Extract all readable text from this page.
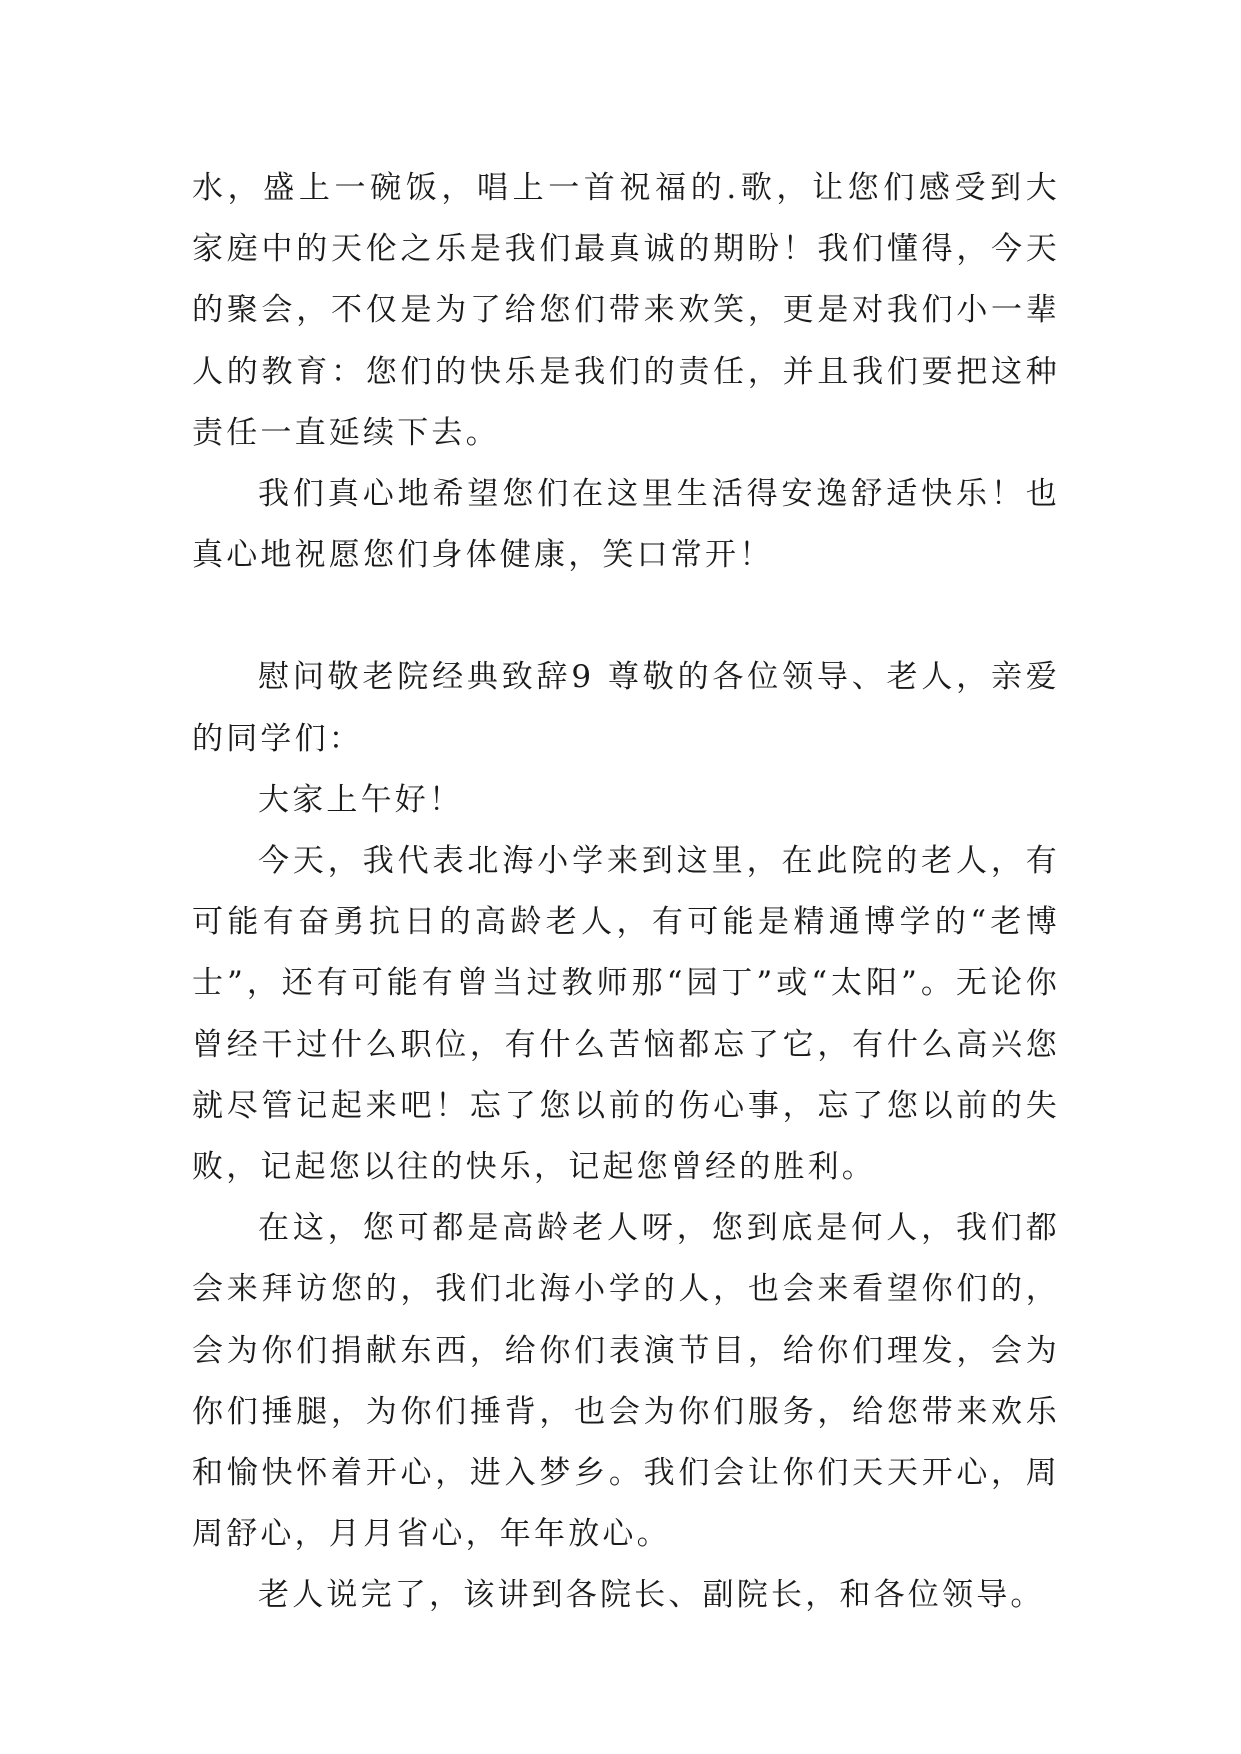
水，盛上一碗饭，唱上一首祝福的.歌，让您们感受到大家庭中的天伦之乐是我们最真诚的期盼！我们懂得，今天的聚会，不仅是为了给您们带来欢笑，更是对我们小一辈人的教育：您们的快乐是我们的责任，并且我们要把这种责任一直延续下去。

我们真心地希望您们在这里生活得安逸舒适快乐！也真心地祝愿您们身体健康，笑口常开！

慰问敬老院经典致辞9 尊敬的各位领导、老人，亲爱的同学们：

大家上午好！

今天，我代表北海小学来到这里，在此院的老人，有可能有奋勇抗日的高龄老人，有可能是精通博学的“老博士”，还有可能有曾当过教师那“园丁”或“太阳”。无论你曾经干过什么职位，有什么苦恼都忘了它，有什么高兴您就尽管记起来吧！忘了您以前的伤心事，忘了您以前的失败，记起您以往的快乐，记起您曾经的胜利。

在这，您可都是高龄老人呀，您到底是何人，我们都会来拜访您的，我们北海小学的人，也会来看望你们的，会为你们捐献东西，给你们表演节目，给你们理发，会为你们捶腿，为你们捶背，也会为你们服务，给您带来欢乐和愉快怀着开心，进入梦乡。我们会让你们天天开心，周周舒心，月月省心，年年放心。

老人说完了，该讲到各院长、副院长，和各位领导。
